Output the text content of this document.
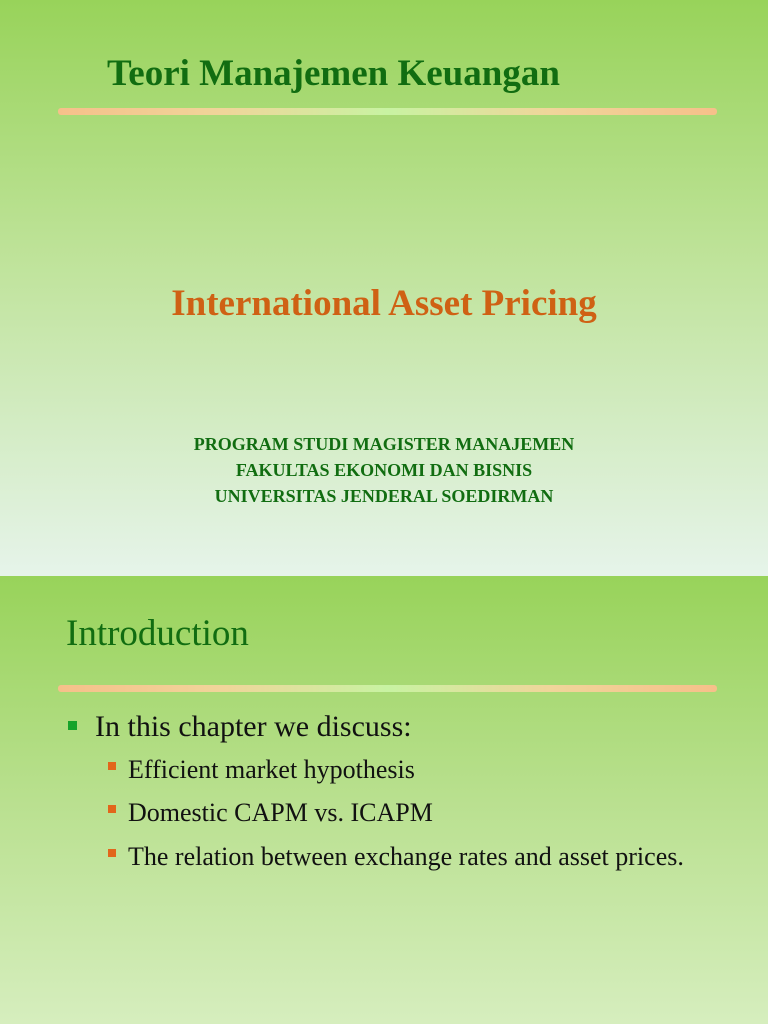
Teori Manajemen Keuangan
International Asset Pricing
PROGRAM STUDI MAGISTER MANAJEMEN
FAKULTAS EKONOMI DAN BISNIS
UNIVERSITAS JENDERAL SOEDIRMAN
Introduction
In this chapter we discuss:
Efficient market hypothesis
Domestic CAPM vs. ICAPM
The relation between exchange rates and asset prices.
